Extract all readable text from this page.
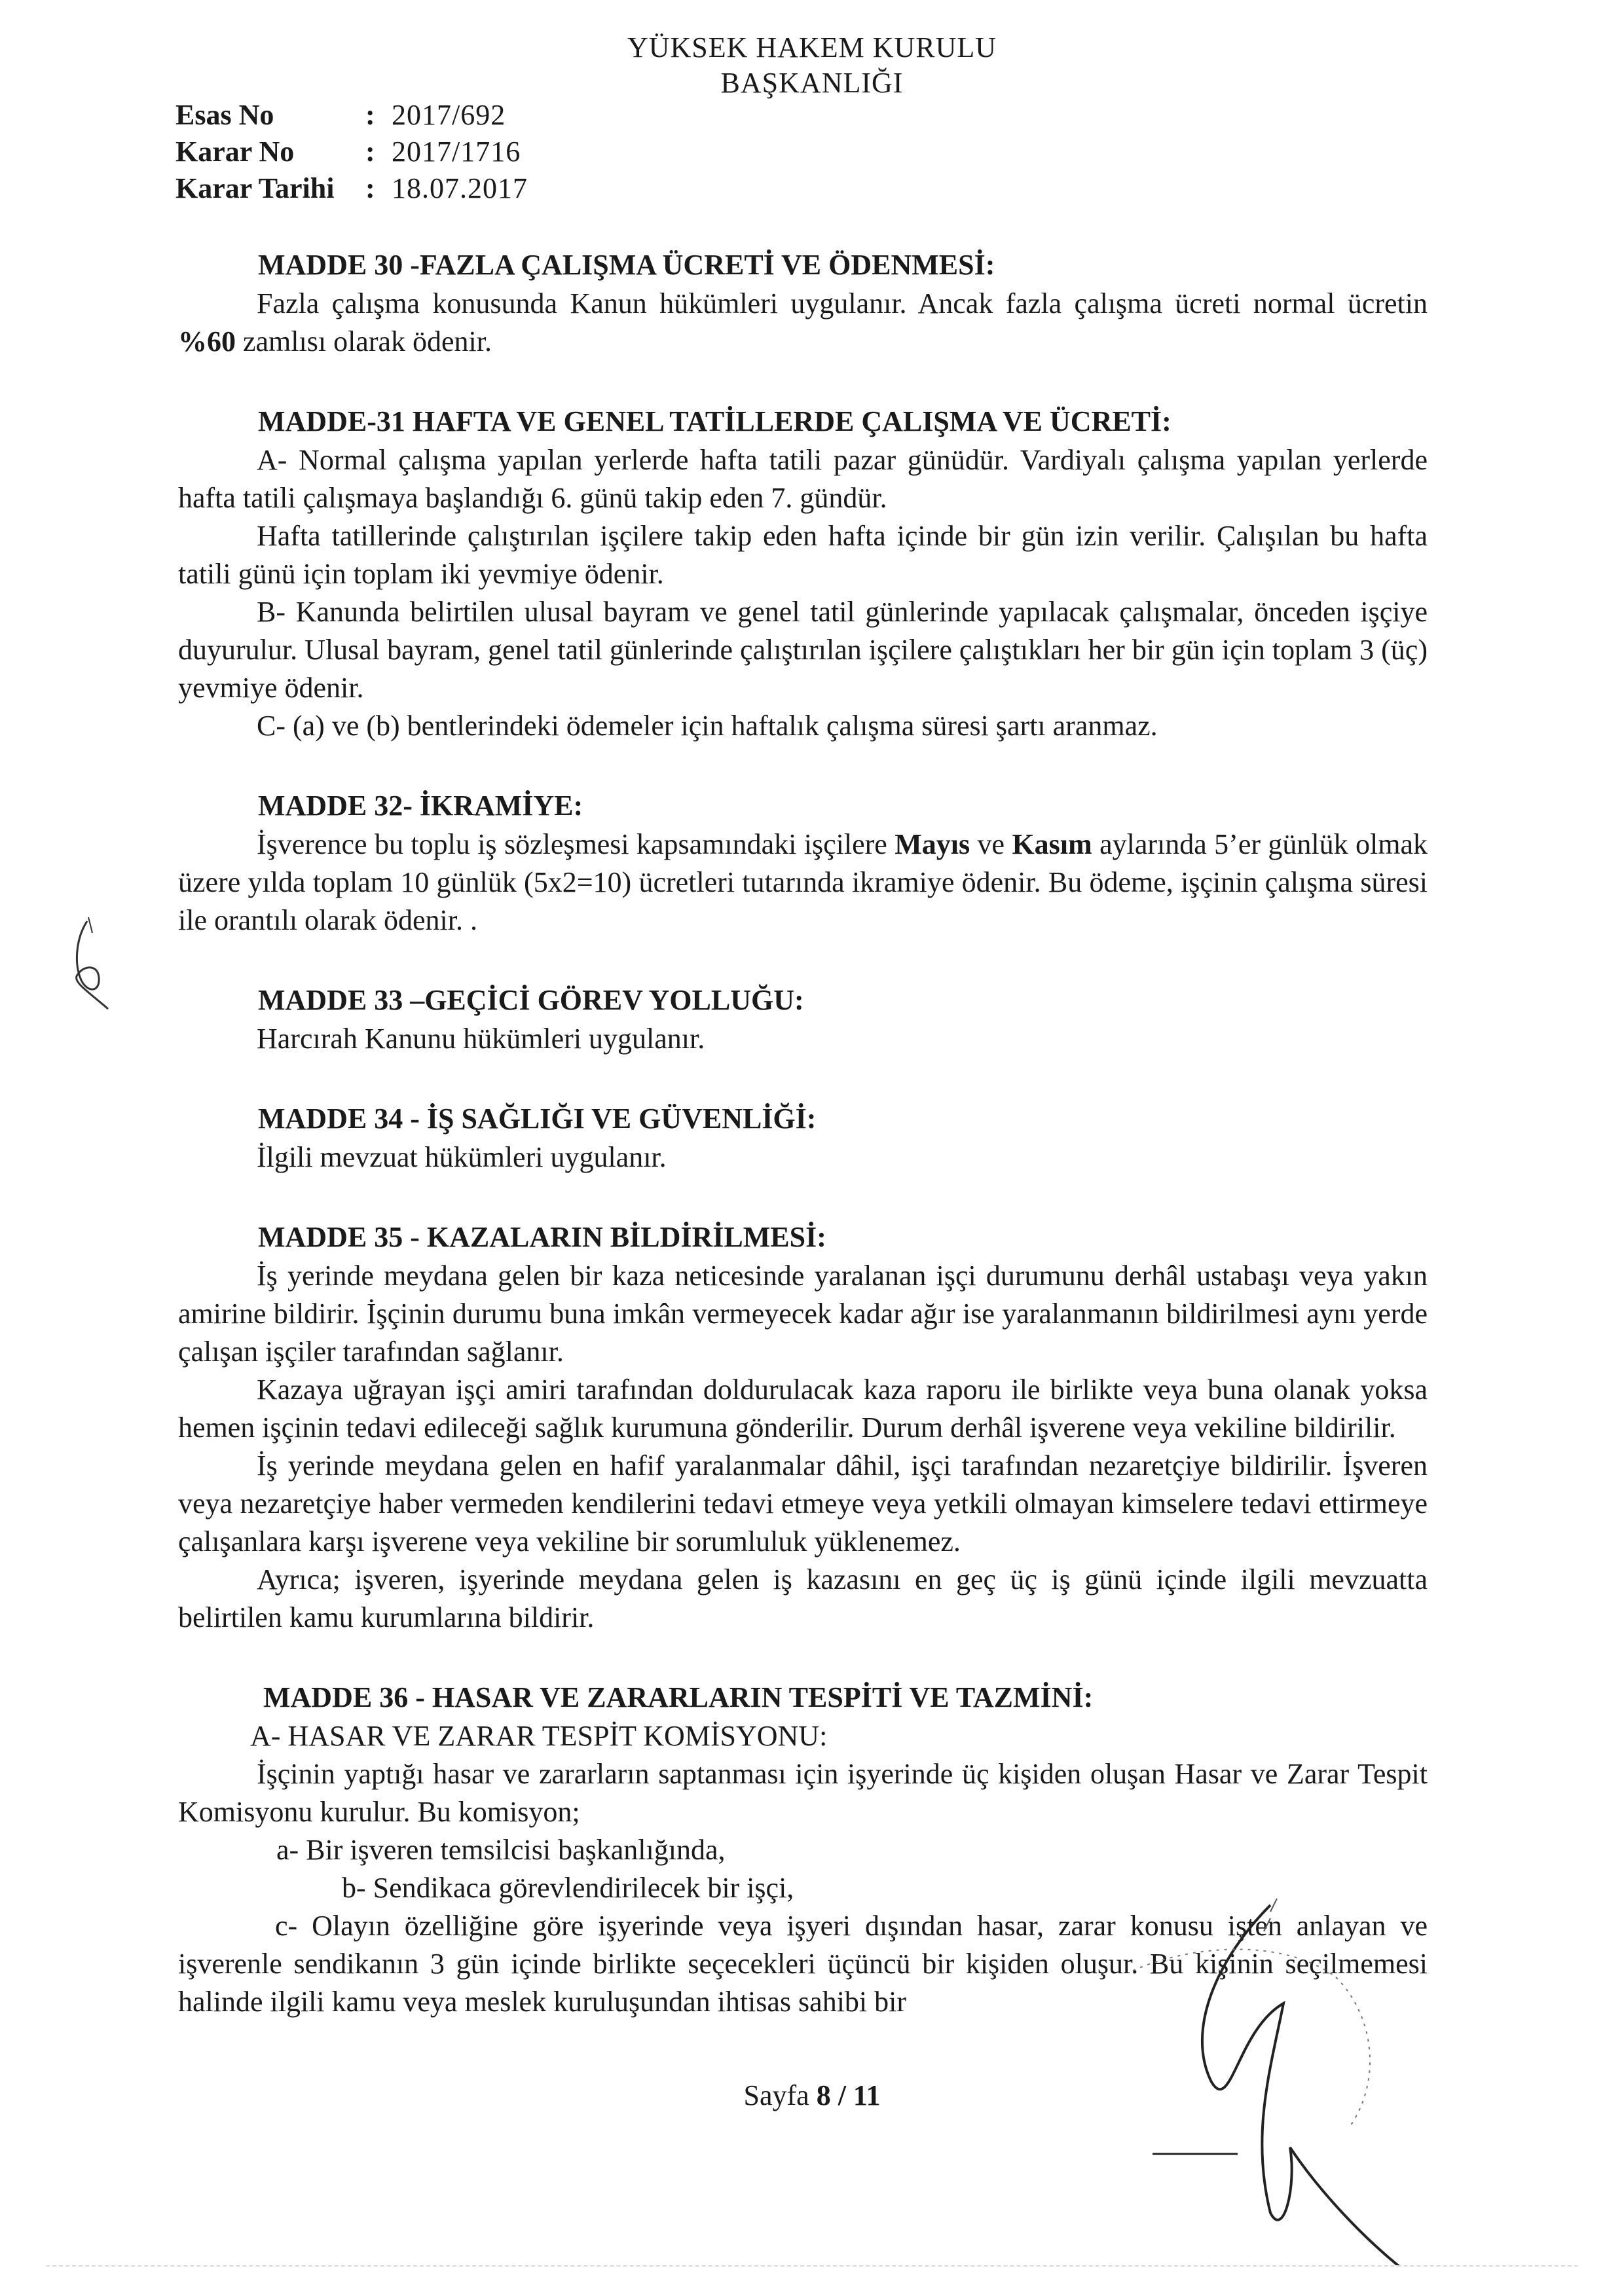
YÜKSEK HAKEM KURULU
BAŞKANLIĞI
Esas No	: 2017/692
Karar No	: 2017/1716
Karar Tarihi	: 18.07.2017
MADDE 30 -FAZLA ÇALIŞMA ÜCRETİ VE ÖDENMESİ:

Fazla çalışma konusunda Kanun hükümleri uygulanır. Ancak fazla çalışma ücreti normal ücretin %60 zamlısı olarak ödenir.

MADDE-31 HAFTA VE GENEL TATİLLERDE ÇALIŞMA VE ÜCRETİ:

A- Normal çalışma yapılan yerlerde hafta tatili pazar günüdür. Vardiyalı çalışma yapılan yerlerde hafta tatili çalışmaya başlandığı 6. günü takip eden 7. gündür.

Hafta tatillerinde çalıştırılan işçilere takip eden hafta içinde bir gün izin verilir. Çalışılan bu hafta tatili günü için toplam iki yevmiye ödenir.

B- Kanunda belirtilen ulusal bayram ve genel tatil günlerinde yapılacak çalışmalar, önceden işçiye duyurulur. Ulusal bayram, genel tatil günlerinde çalıştırılan işçilere çalıştıkları her bir gün için toplam 3 (üç) yevmiye ödenir.

C- (a) ve (b) bentlerindeki ödemeler için haftalık çalışma süresi şartı aranmaz.

MADDE 32- İKRAMİYE:

İşverence bu toplu iş sözleşmesi kapsamındaki işçilere Mayıs ve Kasım aylarında 5’er günlük olmak üzere yılda toplam 10 günlük (5x2=10) ücretleri tutarında ikramiye ödenir. Bu ödeme, işçinin çalışma süresi ile orantılı olarak ödenir. .

MADDE 33 –GEÇİCİ GÖREV YOLLUĞU:

Harcırah Kanunu hükümleri uygulanır.

MADDE 34 - İŞ SAĞLIĞI VE GÜVENLİĞİ:

İlgili mevzuat hükümleri uygulanır.

MADDE 35 - KAZALARIN BİLDİRİLMESİ:

İş yerinde meydana gelen bir kaza neticesinde yaralanan işçi durumunu derhâl ustabaşı veya yakın amirine bildirir. İşçinin durumu buna imkân vermeyecek kadar ağır ise yaralanmanın bildirilmesi aynı yerde çalışan işçiler tarafından sağlanır.

Kazaya uğrayan işçi amiri tarafından doldurulacak kaza raporu ile birlikte veya buna olanak yoksa hemen işçinin tedavi edileceği sağlık kurumuna gönderilir. Durum derhâl işverene veya vekiline bildirilir.

İş yerinde meydana gelen en hafif yaralanmalar dâhil, işçi tarafından nezaretçiye bildirilir. İşveren veya nezaretçiye haber vermeden kendilerini tedavi etmeye veya yetkili olmayan kimselere tedavi ettirmeye çalışanlara karşı işverene veya vekiline bir sorumluluk yüklenemez.

Ayrıca; işveren, işyerinde meydana gelen iş kazasını en geç üç iş günü içinde ilgili mevzuatta belirtilen kamu kurumlarına bildirir.

MADDE 36 - HASAR VE ZARARLARIN TESPİTİ VE TAZMİNİ:

A- HASAR VE ZARAR TESPİT KOMİSYONU:

İşçinin yaptığı hasar ve zararların saptanması için işyerinde üç kişiden oluşan Hasar ve Zarar Tespit Komisyonu kurulur. Bu komisyon;

a- Bir işveren temsilcisi başkanlığında,

b- Sendikaca görevlendirilecek bir işçi,

c- Olayın özelliğine göre işyerinde veya işyeri dışından hasar, zarar konusu işten anlayan ve işverenle sendikanın 3 gün içinde birlikte seçecekleri üçüncü bir kişiden oluşur. Bu kişinin seçilmemesi halinde ilgili kamu veya meslek kuruluşundan ihtisas sahibi bir

Sayfa 8 / 11
